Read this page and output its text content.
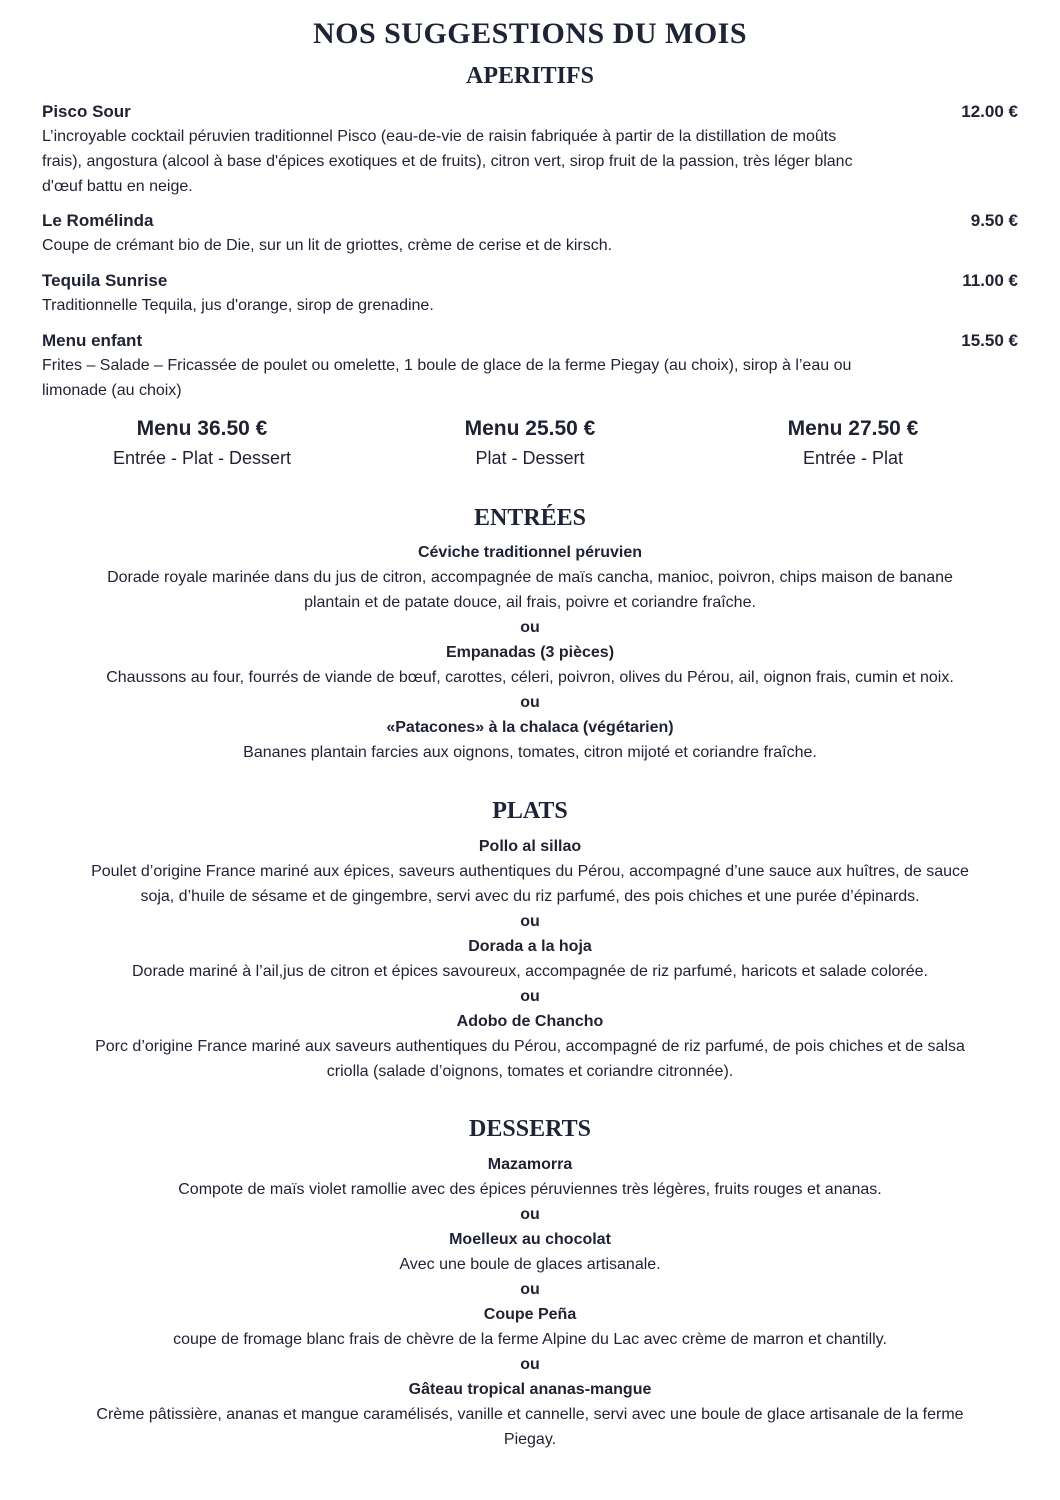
NOS SUGGESTIONS DU MOIS
APERITIFS
Pisco Sour	12.00 €
L’incroyable cocktail péruvien traditionnel Pisco (eau-de-vie de raisin fabriquée à partir de la distillation de moûts frais), angostura (alcool à base d'épices exotiques et de fruits), citron vert, sirop fruit de la passion, très léger blanc d'œuf battu en neige.
Le Romélinda	9.50 €
Coupe de crémant bio de Die, sur un lit de griottes, crème de cerise et de kirsch.
Tequila Sunrise	11.00 €
Traditionnelle Tequila, jus d'orange, sirop de grenadine.
Menu enfant	15.50 €
Frites – Salade – Fricassée de poulet ou omelette, 1 boule de glace de la ferme Piegay (au choix), sirop à l’eau ou limonade (au choix)
Menu 36.50 €
Entrée - Plat - Dessert
Menu 25.50 €
Plat - Dessert
Menu 27.50 €
Entrée - Plat
ENTRÉES
Céviche traditionnel péruvien
Dorade royale marinée dans du jus de citron, accompagnée de maïs cancha, manioc, poivron, chips maison de banane
plantain et de patate douce, ail frais, poivre et coriandre fraîche.
ou
Empanadas (3 pièces)
Chaussons au four, fourrés de viande de bœuf, carottes, céleri, poivron, olives du Pérou, ail, oignon frais, cumin et noix.
ou
«Patacones» à la chalaca (végétarien)
Bananes plantain farcies aux oignons, tomates, citron mijoté et coriandre fraîche.
PLATS
Pollo al sillao
Poulet d’origine France mariné aux épices, saveurs authentiques du Pérou, accompagné d’une sauce aux huîtres, de sauce
soja, d’huile de sésame et de gingembre, servi avec du riz parfumé, des pois chiches et une purée d’épinards.
ou
Dorada a la hoja
Dorade mariné à l’ail,jus de citron et épices savoureux, accompagnée de riz parfumé, haricots et salade colorée.
ou
Adobo de Chancho
Porc d’origine France mariné aux saveurs authentiques du Pérou, accompagné de riz parfumé, de pois chiches et de salsa
criolla (salade d’oignons, tomates et coriandre citronnée).
DESSERTS
Mazamorra
Compote de maïs violet ramollie avec des épices péruviennes très légères, fruits rouges et ananas.
ou
Moelleux au chocolat
Avec une boule de glaces artisanale.
ou
Coupe Peña
coupe de fromage blanc frais de chèvre de la ferme Alpine du Lac avec crème de marron et chantilly.
ou
Gâteau tropical ananas-mangue
Crème pâtissière, ananas et mangue caramélisés, vanille et cannelle, servi avec une boule de glace artisanale de la ferme
Piegay.
